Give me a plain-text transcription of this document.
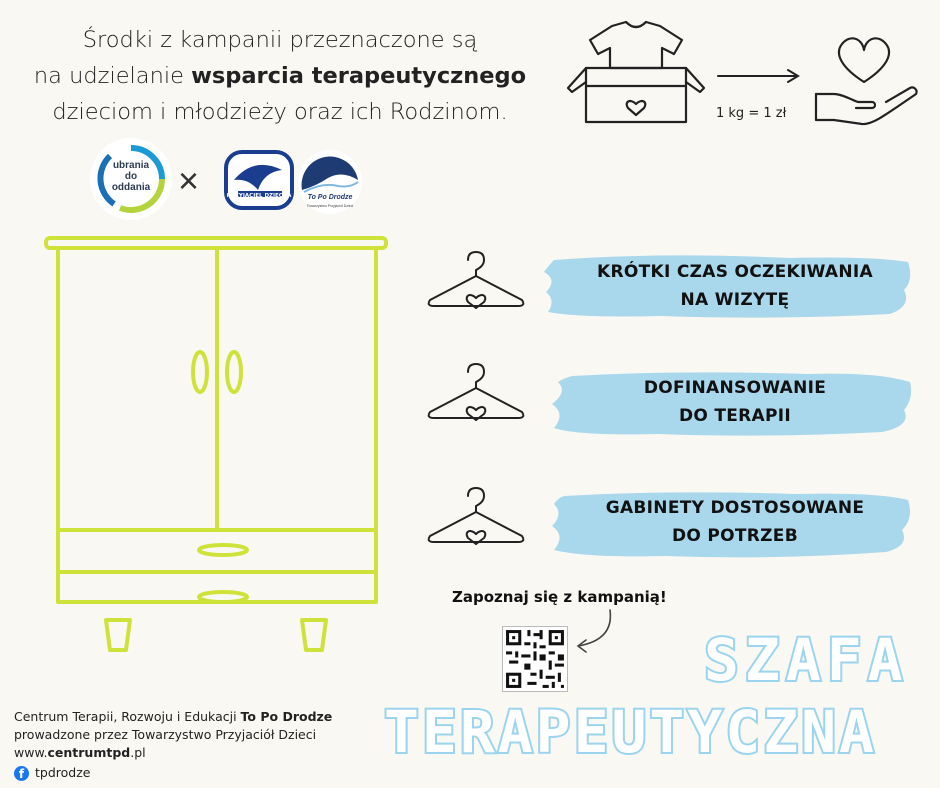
Środki z kampanii przeznaczone są
na udzielanie wsparcia terapeutycznego
dzieciom i młodzieży oraz ich Rodzinom.	1 kg = 1 zł
ubrania
do
oddania ×	PRZYJACIEL DZIECKA	To Po Drodze
Towarzystwo Przyjaciół Dzieci
KRÓTKI CZAS OCZEKIWANIA
NA WIZYTĘ
DOFINANSOWANIE
DO TERAPII
GABINETY DOSTOSOWANE
DO POTRZEB
Zapoznaj się z kampanią!
SZAFA
TERAPEUTYCZNA
Centrum Terapii, Rozwoju i Edukacji To Po Drodze
prowadzone przez Towarzystwo Przyjaciół Dzieci
www.centrumtpd.pl
f tpdrodze
